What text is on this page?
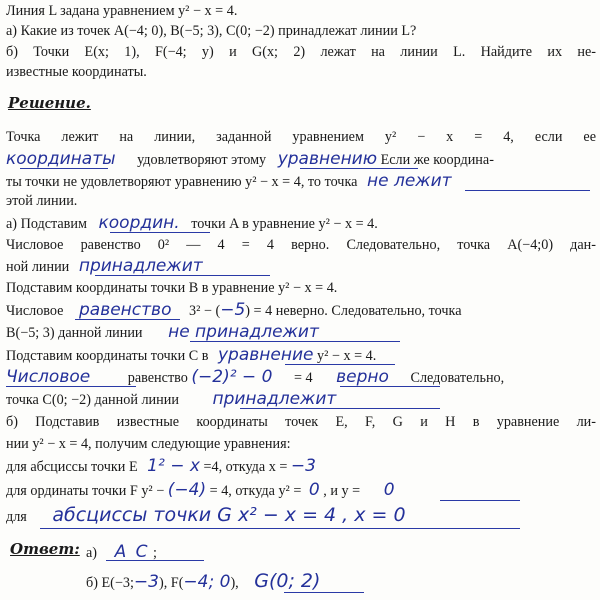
Линия L задана уравнением y² − x = 4.
а) Какие из точек A(−4; 0), B(−5; 3), C(0; −2) принадлежат линии L?
б) Точки E(x; 1), F(−4; y) и G(x; 2) лежат на линии L. Найдите их не-
известные координаты.
Решение.
Точка лежит на линии, заданной уравнением y² − x = 4, если ее
координаты удовлетворяют этому уравнению Если же координа-
ты точки не удовлетворяют уравнению y² − x = 4, то точка не лежит
этой линии.
а) Подставим координ. точки A в уравнение y² − x = 4.
Числовое равенство 0² — 4 = 4 верно. Следовательно, точка A(−4;0) дан-
ной линии принадлежит
Подставим координаты точки B в уравнение y² − x = 4.
Числовое равенство 3² − (−5) = 4 неверно. Следовательно, точка
B(−5; 3) данной линии не принадлежит
Подставим координаты точки C в уравнение y² − x = 4.
Числовое	равенство (−2)² − 0 = 4 верно Следовательно,
точка C(0; −2) данной линии принадлежит
б) Подставив известные координаты точек E, F, G и H в уравнение ли-
нии y² − x = 4, получим следующие уравнения:
для абсциссы точки E 1² − x =4, откуда x = −3
для ординаты точки F y² − (−4) = 4, откуда y² = 0 , и y = 0
для абсциссы точки G x² − x = 4 , x = 0
Ответ: а) A C ;
б) E(−3;−3), F(−4; 0), G(0; 2)
